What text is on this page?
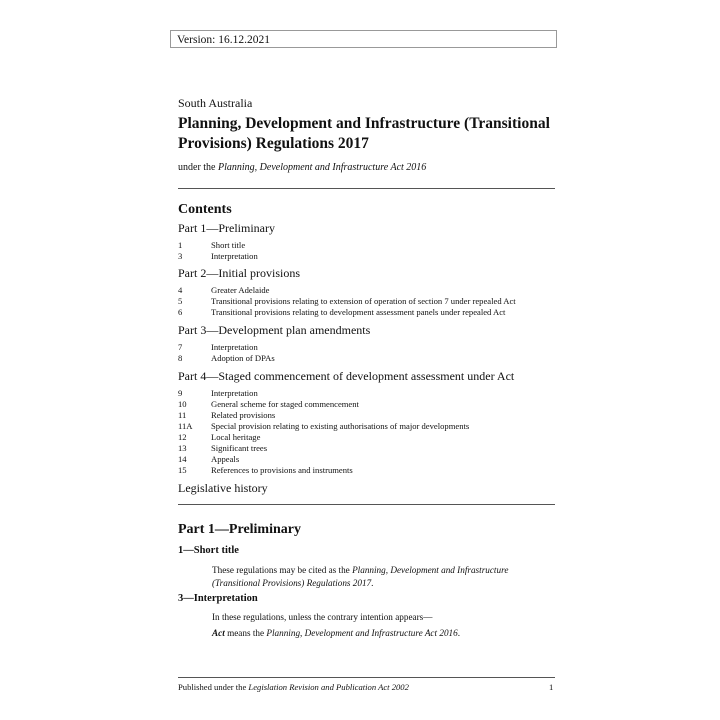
Version: 16.12.2021
South Australia
Planning, Development and Infrastructure (Transitional Provisions) Regulations 2017
under the Planning, Development and Infrastructure Act 2016
Contents
Part 1—Preliminary
1	Short title
3	Interpretation
Part 2—Initial provisions
4	Greater Adelaide
5	Transitional provisions relating to extension of operation of section 7 under repealed Act
6	Transitional provisions relating to development assessment panels under repealed Act
Part 3—Development plan amendments
7	Interpretation
8	Adoption of DPAs
Part 4—Staged commencement of development assessment under Act
9	Interpretation
10	General scheme for staged commencement
11	Related provisions
11A Special provision relating to existing authorisations of major developments
12	Local heritage
13	Significant trees
14	Appeals
15	References to provisions and instruments
Legislative history
Part 1—Preliminary
1—Short title
These regulations may be cited as the Planning, Development and Infrastructure (Transitional Provisions) Regulations 2017.
3—Interpretation
In these regulations, unless the contrary intention appears—
Act means the Planning, Development and Infrastructure Act 2016.
Published under the Legislation Revision and Publication Act 2002	1
